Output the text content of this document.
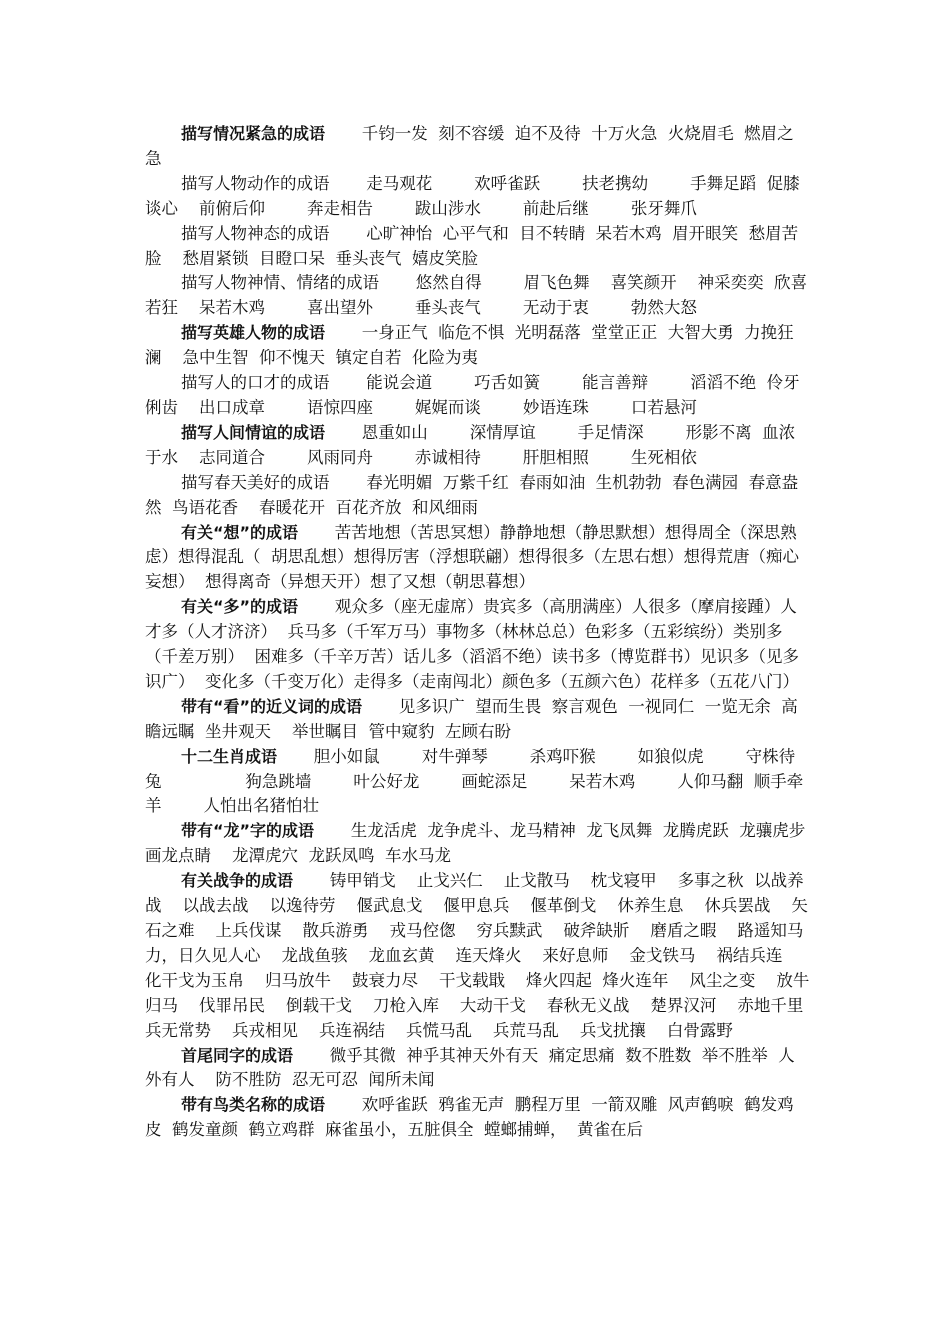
描写情况紧急的成语       千钧一发  刻不容缓  迫不及待  十万火急  火烧眉毛  燃眉之急

描写人物动作的成语       走马观花        欢呼雀跃        扶老携幼        手舞足蹈  促膝谈心    前俯后仰        奔走相告        跋山涉水        前赴后继        张牙舞爪

描写人物神态的成语       心旷神怡  心平气和  目不转睛  呆若木鸡  眉开眼笑  愁眉苦脸    愁眉紧锁  目瞪口呆  垂头丧气  嬉皮笑脸

描写人物神情、情绪的成语       悠然自得        眉飞色舞    喜笑颜开    神采奕奕  欣喜若狂    呆若木鸡        喜出望外        垂头丧气        无动于衷        勃然大怒

描写英雄人物的成语       一身正气  临危不惧  光明磊落  堂堂正正  大智大勇  力挽狂澜    急中生智  仰不愧天  镇定自若  化险为夷

描写人的口才的成语       能说会道        巧舌如簧        能言善辩        滔滔不绝  伶牙俐齿    出口成章        语惊四座        娓娓而谈        妙语连珠        口若悬河

描写人间情谊的成语       恩重如山        深情厚谊        手足情深        形影不离  血浓于水    志同道合        风雨同舟        赤诚相待        肝胆相照        生死相依

描写春天美好的成语       春光明媚  万紫千红  春雨如油  生机勃勃  春色满园  春意盎然  鸟语花香    春暖花开  百花齐放  和风细雨

有关“想”的成语       苦苦地想（苦思冥想）静静地想（静思默想）想得周全（深思熟虑）想得混乱（  胡思乱想）想得厉害（浮想联翩）想得很多（左思右想）想得荒唐（痴心妄想）  想得离奇（异想天开）想了又想（朝思暮想）

有关“多”的成语       观众多（座无虚席）贵宾多（高朋满座）人很多（摩肩接踵）人才多（人才济济）  兵马多（千军万马）事物多（林林总总）色彩多（五彩缤纷）类别多（千差万别）  困难多（千辛万苦）话儿多（滔滔不绝）读书多（博览群书）见识多（见多识广）  变化多（千变万化）走得多（走南闯北）颜色多（五颜六色）花样多（五花八门）

带有“看”的近义词的成语       见多识广  望而生畏  察言观色  一视同仁  一览无余  高瞻远瞩  坐井观天    举世瞩目  管中窥豹  左顾右盼

十二生肖成语       胆小如鼠        对牛弹琴        杀鸡吓猴        如狼似虎        守株待兔                狗急跳墙        叶公好龙        画蛇添足        呆若木鸡        人仰马翻  顺手牵羊        人怕出名猪怕壮

带有“龙”字的成语       生龙活虎  龙争虎斗、龙马精神  龙飞凤舞  龙腾虎跃  龙骧虎步  画龙点睛    龙潭虎穴  龙跃凤鸣  车水马龙

有关战争的成语       铸甲销戈    止戈兴仁    止戈散马    枕戈寝甲    多事之秋  以战养战    以战去战    以逸待劳    偃武息戈    偃甲息兵    偃革倒戈    休养生息    休兵罢战    矢石之难    上兵伐谋    散兵游勇    戎马倥偬    穷兵黩武    破斧缺斨    磨盾之暇    路遥知马力，日久见人心    龙战鱼骇    龙血玄黄    连天烽火    来好息师    金戈铁马    祸结兵连    化干戈为玉帛    归马放牛    鼓衰力尽    干戈载戢    烽火四起  烽火连年    风尘之变    放牛归马    伐罪吊民    倒载干戈    刀枪入库    大动干戈    春秋无义战    楚界汉河    赤地千里    兵无常势    兵戎相见    兵连祸结    兵慌马乱    兵荒马乱    兵戈扰攘    白骨露野

首尾同字的成语       微乎其微  神乎其神天外有天  痛定思痛  数不胜数  举不胜举  人外有人    防不胜防  忍无可忍  闻所未闻

带有鸟类名称的成语       欢呼雀跃  鸦雀无声  鹏程万里  一箭双雕  风声鹤唳  鹤发鸡皮  鹤发童颜  鹤立鸡群  麻雀虽小，五脏俱全  螳螂捕蝉，  黄雀在后
